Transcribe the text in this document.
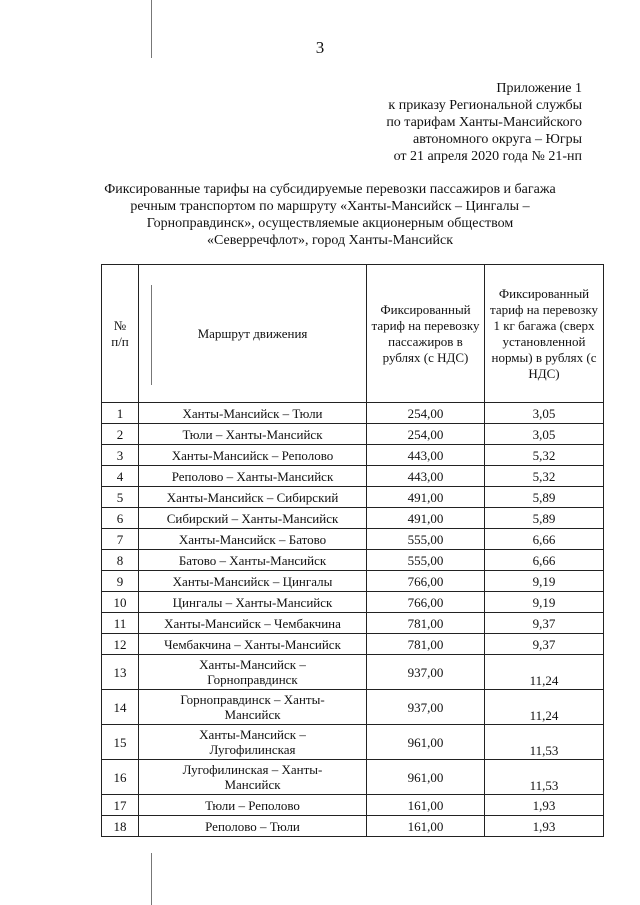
3
Приложение 1
к приказу Региональной службы
по тарифам Ханты-Мансийского
автономного округа – Югры
от 21 апреля 2020 года № 21-нп
Фиксированные тарифы на субсидируемые перевозки пассажиров и багажа
речным транспортом по маршруту «Ханты-Мансийск – Цингалы –
Горноправдинск», осуществляемые акционерным обществом
«Северречфлот», город Ханты-Мансийск
№
п/п	Маршрут движения	Фиксированный тариф на перевозку пассажиров в рублях (с НДС)	Фиксированный тариф на перевозку 1 кг багажа (сверх установленной нормы) в рублях (с НДС)
1	Ханты-Мансийск – Тюли	254,00	3,05
2	Тюли – Ханты-Мансийск	254,00	3,05
3	Ханты-Мансийск – Реполово	443,00	5,32
4	Реполово – Ханты-Мансийск	443,00	5,32
5	Ханты-Мансийск – Сибирский	491,00	5,89
6	Сибирский – Ханты-Мансийск	491,00	5,89
7	Ханты-Мансийск – Батово	555,00	6,66
8	Батово – Ханты-Мансийск	555,00	6,66
9	Ханты-Мансийск – Цингалы	766,00	9,19
10	Цингалы – Ханты-Мансийск	766,00	9,19
11	Ханты-Мансийск – Чембакчина	781,00	9,37
12	Чембакчина – Ханты-Мансийск	781,00	9,37
13	Ханты-Мансийск – Горноправдинск	937,00	11,24
14	Горноправдинск – Ханты-Мансийск	937,00	11,24
15	Ханты-Мансийск – Лугофилинская	961,00	11,53
16	Лугофилинская – Ханты-Мансийск	961,00	11,53
17	Тюли – Реполово	161,00	1,93
18	Реполово – Тюли	161,00	1,93
